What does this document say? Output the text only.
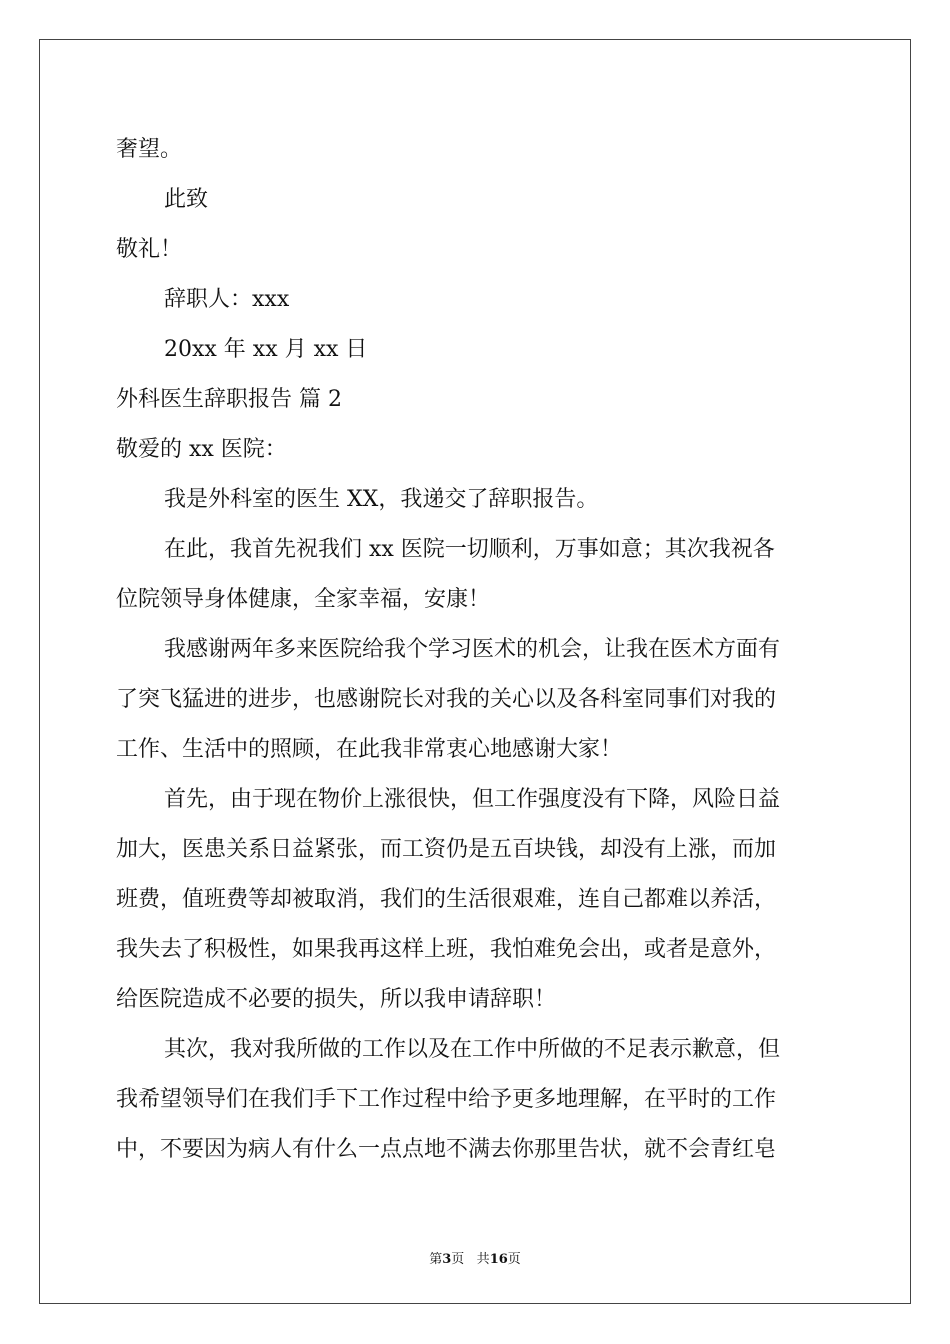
奢望。
此致
敬礼！
辞职人：xxx
20xx 年 xx 月 xx 日
外科医生辞职报告 篇 2
敬爱的 xx 医院：
我是外科室的医生 XX，我递交了辞职报告。
在此，我首先祝我们 xx 医院一切顺利，万事如意；其次我祝各
位院领导身体健康，全家幸福，安康！
我感谢两年多来医院给我个学习医术的机会，让我在医术方面有
了突飞猛进的进步，也感谢院长对我的关心以及各科室同事们对我的
工作、生活中的照顾，在此我非常衷心地感谢大家！
首先，由于现在物价上涨很快，但工作强度没有下降，风险日益
加大，医患关系日益紧张，而工资仍是五百块钱，却没有上涨，而加
班费，值班费等却被取消，我们的生活很艰难，连自己都难以养活，
我失去了积极性，如果我再这样上班，我怕难免会出，或者是意外，
给医院造成不必要的损失，所以我申请辞职！
其次，我对我所做的工作以及在工作中所做的不足表示歉意，但
我希望领导们在我们手下工作过程中给予更多地理解，在平时的工作
中，不要因为病人有什么一点点地不满去你那里告状，就不会青红皂
第3页 共16页
